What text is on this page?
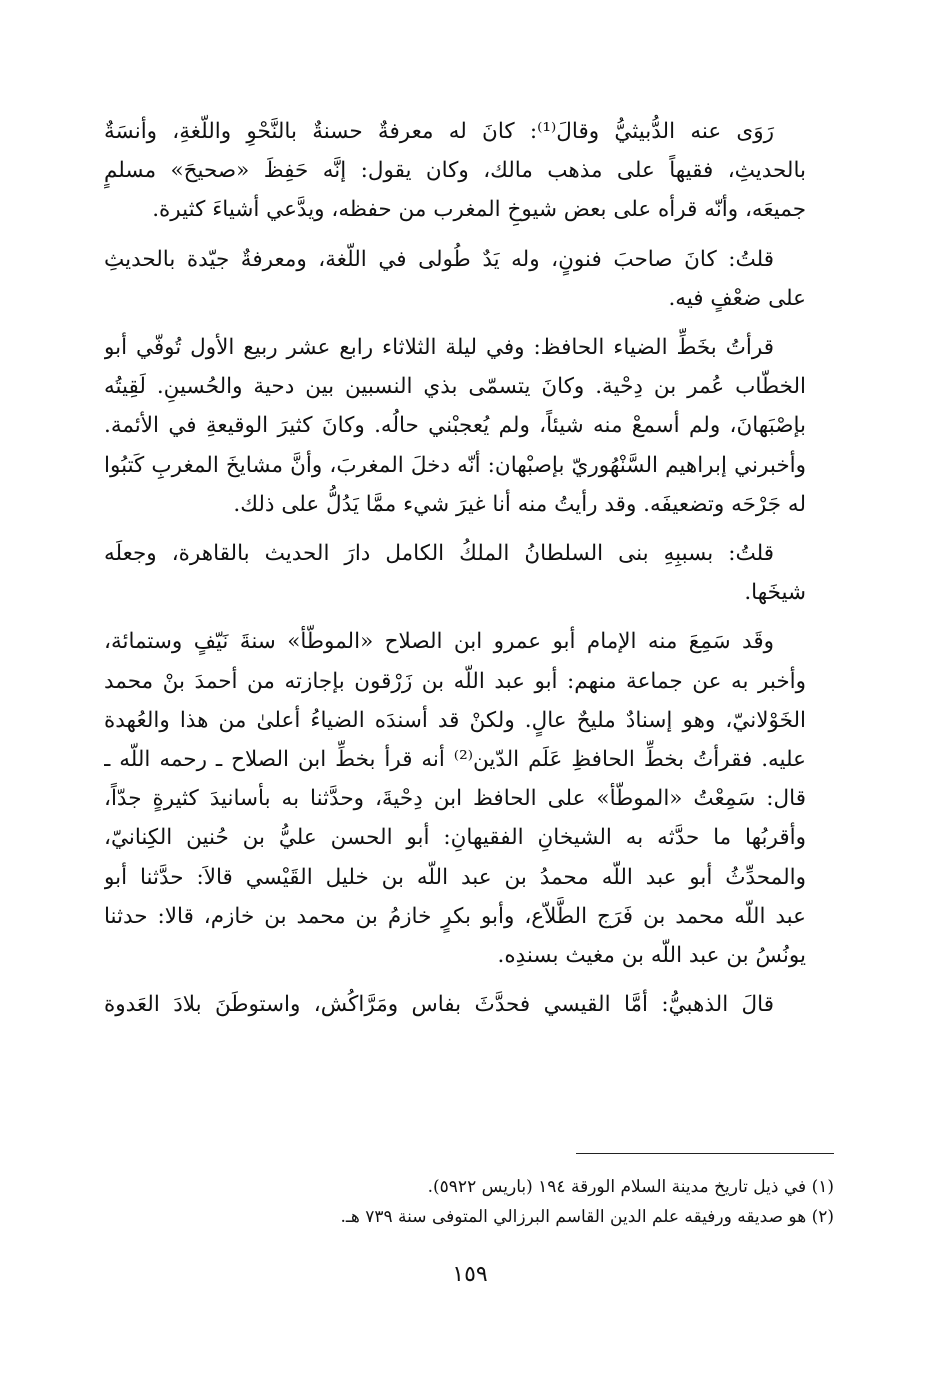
رَوَى عنه الدُّبيثيُّ وقالَ⁽¹⁾: كانَ له معرفةٌ حسنةٌ بالنَّحْوِ واللّغةِ، وأنسَةٌ
بالحديثِ، فقيهاً على مذهب مالك، وكان يقول: إنَّه حَفِظَ «صحيحَ» مسلمٍ
جميعَه، وأنّه قرأه على بعض شيوخِ المغرب من حفظه، ويدَّعي أشياءَ كثيرة.

قلتُ: كانَ صاحبَ فنونٍ، وله يَدٌ طُولى في اللّغة، ومعرفةٌ جيّدة بالحديثِ
على ضعْفٍ فيه.

قرأتُ بخَطِّ الضياء الحافظ: وفي ليلة الثلاثاء رابع عشر ربيع الأول تُوفّي أبو
الخطّاب عُمر بن دِحْية. وكانَ يتسمّى بذي النسبين بين دحية والحُسينِ. لَقِيتُه
بإصْبَهانَ، ولم أسمعْ منه شيئاً، ولم يُعجبْني حالُه. وكانَ كثيرَ الوقيعةِ في الأئمة.
وأخبرني إبراهيم السَّنْهُوريّ بإصبْهان: أنّه دخلَ المغربَ، وأنَّ مشايخَ المغربِ كَتبُوا
له جَرْحَه وتضعيفَه. وقد رأيتُ منه أنا غيرَ شيء ممَّا يَدُلُّ على ذلك.

قلتُ: بسببِهِ بنى السلطانُ الملكُ الكامل دارَ الحديث بالقاهرة، وجعلَه
شيخَها.

وقَد سَمِعَ منه الإمام أبو عمرو ابن الصلاح «الموطّأ» سنةَ نَيّفٍ وستمائة،
وأخبر به عن جماعة منهم: أبو عبد اللّه بن زَرْقون بإجازته من أحمدَ بنْ محمد
الخَوْلانيّ، وهو إسنادٌ مليحٌ عالٍ. ولكنْ قد أسندَه الضياءُ أعلىٰ من هذا والعُهدة
عليه. فقرأتُ بخطِّ الحافظِ عَلَم الدّين⁽²⁾ أنه قرأ بخطِّ ابن الصلاح ـ رحمه اللّه ـ
قال: سَمِعْتُ «الموطّأ» على الحافظ ابن دِحْيةَ، وحدَّثنا به بأسانيدَ كثيرةٍ جدّاً،
وأقربُها ما حدَّثه به الشيخانِ الفقيهانِ: أبو الحسن عليُّ بن حُنين الكِنانيّ،
والمحدِّثُ أبو عبد اللّه محمدُ بن عبد اللّه بن خليل القَيْسي قالاَ: حدَّثنا أبو
عبد اللّه محمد بن فَرَج الطَّلاّع، وأبو بكرٍ خازمُ بن محمد بن خازم، قالا: حدثنا
يونُسُ بن عبد اللّه بن مغيث بسندِه.

قالَ الذهبيُّ: أمَّا القيسي فحدَّثَ بفاس ومَرَّاكُش، واستوطَنَ بلادَ العَدوة

(١) في ذيل تاريخ مدينة السلام الورقة ١٩٤ (باريس ٥٩٢٢).
(٢) هو صديقه ورفيقه علم الدين القاسم البرزالي المتوفى سنة ٧٣٩ هـ.
١٥٩
